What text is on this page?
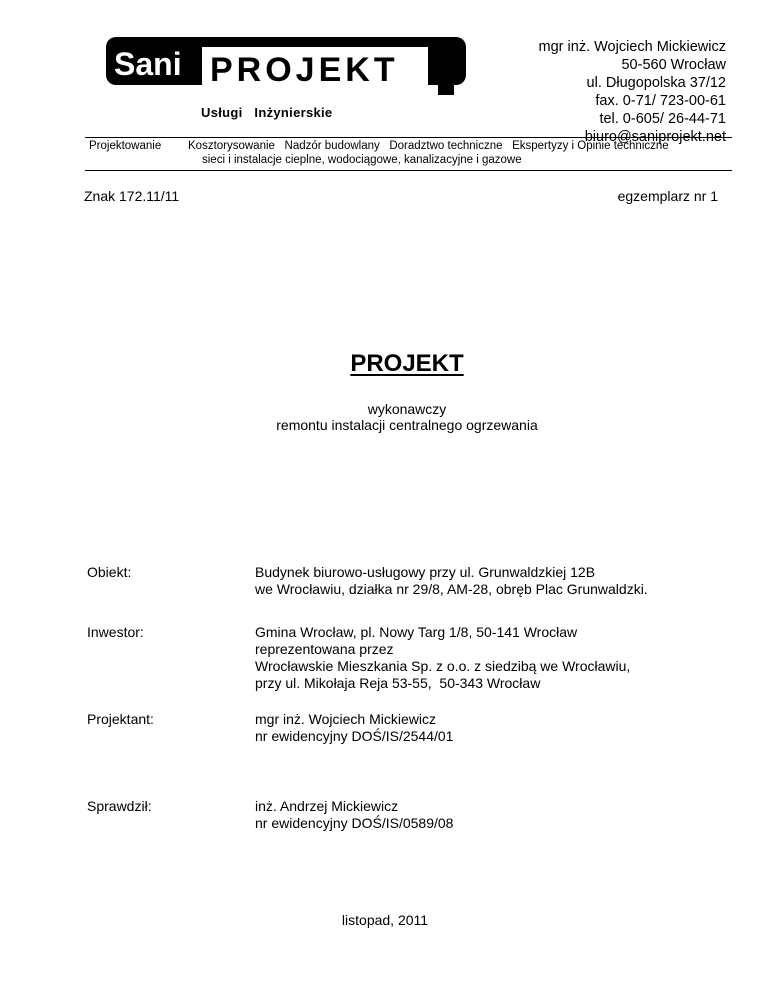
Sani PROJEKT
Usługi Inżynierskie
mgr inż. Wojciech Mickiewicz
50-560 Wrocław
ul. Długopolska 37/12
fax. 0-71/ 723-00-61
tel. 0-605/ 26-44-71
biuro@saniprojekt.net
Projektowanie Kosztorysowanie   Nadzór budowlany   Doradztwo techniczne   Ekspertyzy i Opinie techniczne
sieci i instalacje cieplne, wodociągowe, kanalizacyjne i gazowe
Znak 172.11/11	egzemplarz nr 1
PROJEKT
wykonawczy
remontu instalacji centralnego ogrzewania
Obiekt:	Budynek biurowo-usługowy przy ul. Grunwaldzkiej 12B
we Wrocławiu, działka nr 29/8, AM-28, obręb Plac Grunwaldzki.
Inwestor:	Gmina Wrocław, pl. Nowy Targ 1/8, 50-141 Wrocław
reprezentowana przez
Wrocławskie Mieszkania Sp. z o.o. z siedzibą we Wrocławiu,
przy ul. Mikołaja Reja 53-55,  50-343 Wrocław
Projektant:	mgr inż. Wojciech Mickiewicz
nr ewidencyjny DOŚ/IS/2544/01
Sprawdził:	inż. Andrzej Mickiewicz
nr ewidencyjny DOŚ/IS/0589/08
listopad, 2011
